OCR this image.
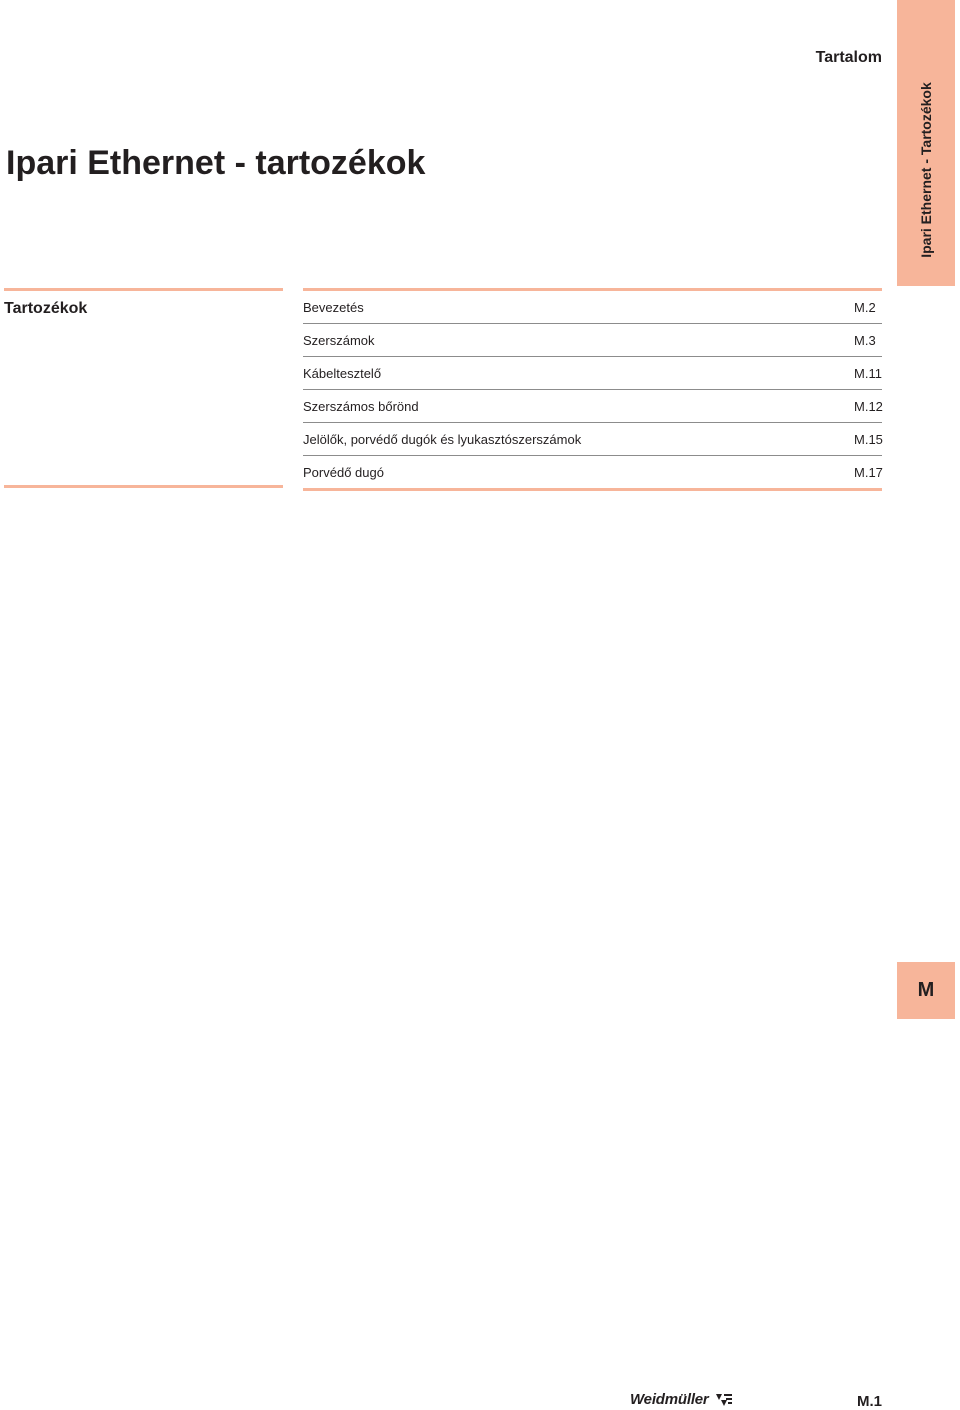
Tartalom
Ipari Ethernet - Tartozékok
Ipari Ethernet - tartozékok
Tartozékok	Bevezetés	M.2
Szerszámok	M.3
Kábeltesztelő	M.11
Szerszámos bőrönd	M.12
Jelölők, porvédő dugók és lyukasztószerszámok	M.15
Porvédő dugó	M.17
M
Weidmüller	M.1
